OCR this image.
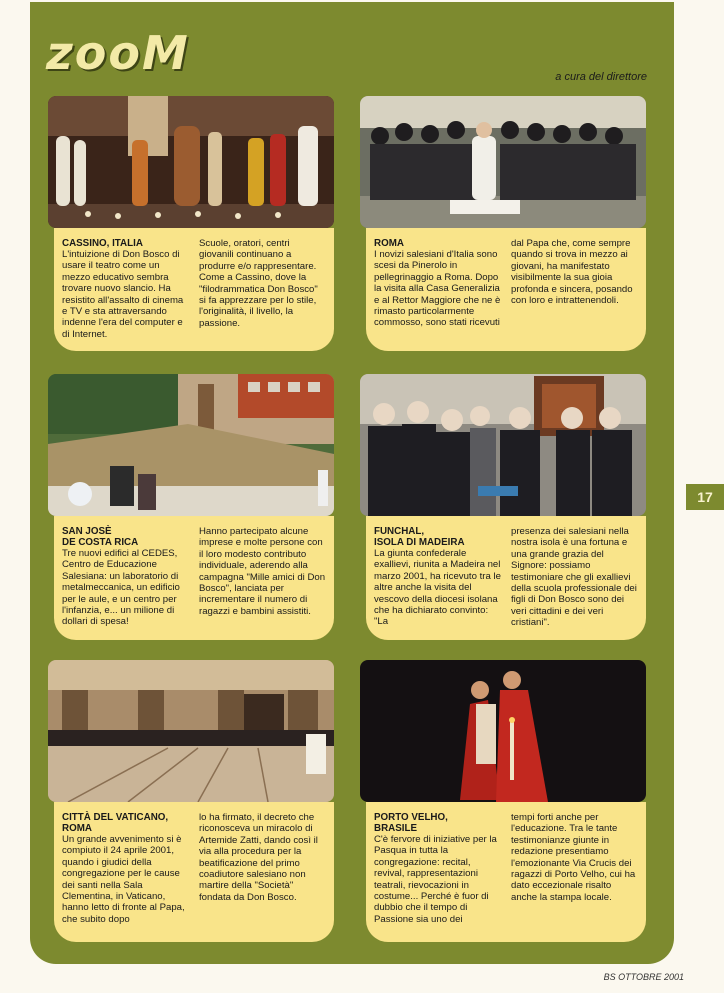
zooM	a cura del direttore
CASSINO, ITALIA

L'intuizione di Don Bosco di usare il teatro come un mezzo educativo sembra trovare nuovo slancio. Ha resistito all'assalto di cinema e TV e sta attraversando indenne l'era del computer e di Internet.

Scuole, oratori, centri giovanili continuano a produrre e/o rappresentare. Come a Cassino, dove la "filodrammatica Don Bosco" si fa apprezzare per lo stile, l'originalità, il livello, la passione.

ROMA

I novizi salesiani d'Italia sono scesi da Pinerolo in pellegrinaggio a Roma. Dopo la visita alla Casa Generalizia e al Rettor Maggiore che ne è rimasto particolarmente commosso, sono stati ricevuti

dal Papa che, come sempre quando si trova in mezzo ai giovani, ha manifestato visibilmente la sua gioia profonda e sincera, posando con loro e intrattenendoli.

SAN JOSÈ
DE COSTA RICA

Tre nuovi edifici al CEDES, Centro de Educazione Salesiana: un laboratorio di metalmeccanica, un edificio per le aule, e un centro per l'infanzia, e... un milione di dollari di spesa!

Hanno partecipato alcune imprese e molte persone con il loro modesto contributo individuale, aderendo alla campagna "Mille amici di Don Bosco", lanciata per incrementare il numero di ragazzi e bambini assistiti.

FUNCHAL,
ISOLA DI MADEIRA

La giunta confederale exallievi, riunita a Madeira nel marzo 2001, ha ricevuto tra le altre anche la visita del vescovo della diocesi isolana che ha dichiarato convinto: "La

presenza dei salesiani nella nostra isola è una fortuna e una grande grazia del Signore: possiamo testimoniare che gli exallievi della scuola professionale dei figli di Don Bosco sono dei veri cittadini e dei veri cristiani".

CITTÀ DEL VATICANO,
ROMA

Un grande avvenimento si è compiuto il 24 aprile 2001, quando i giudici della congregazione per le cause dei santi nella Sala Clementina, in Vaticano, hanno letto di fronte al Papa, che subito dopo

lo ha firmato, il decreto che riconosceva un miracolo di Artemide Zatti, dando così il via alla procedura per la beatificazione del primo coadiutore salesiano non martire della "Società" fondata da Don Bosco.

PORTO VELHO,
BRASILE

C'è fervore di iniziative per la Pasqua in tutta la congregazione: recital, revival, rappresentazioni teatrali, rievocazioni in costume... Perché è fuor di dubbio che il tempo di Passione sia uno dei

tempi forti anche per l'educazione. Tra le tante testimonianze giunte in redazione presentiamo l'emozionante Via Crucis dei ragazzi di Porto Velho, cui ha dato eccezionale risalto anche la stampa locale.

17
BS OTTOBRE 2001
